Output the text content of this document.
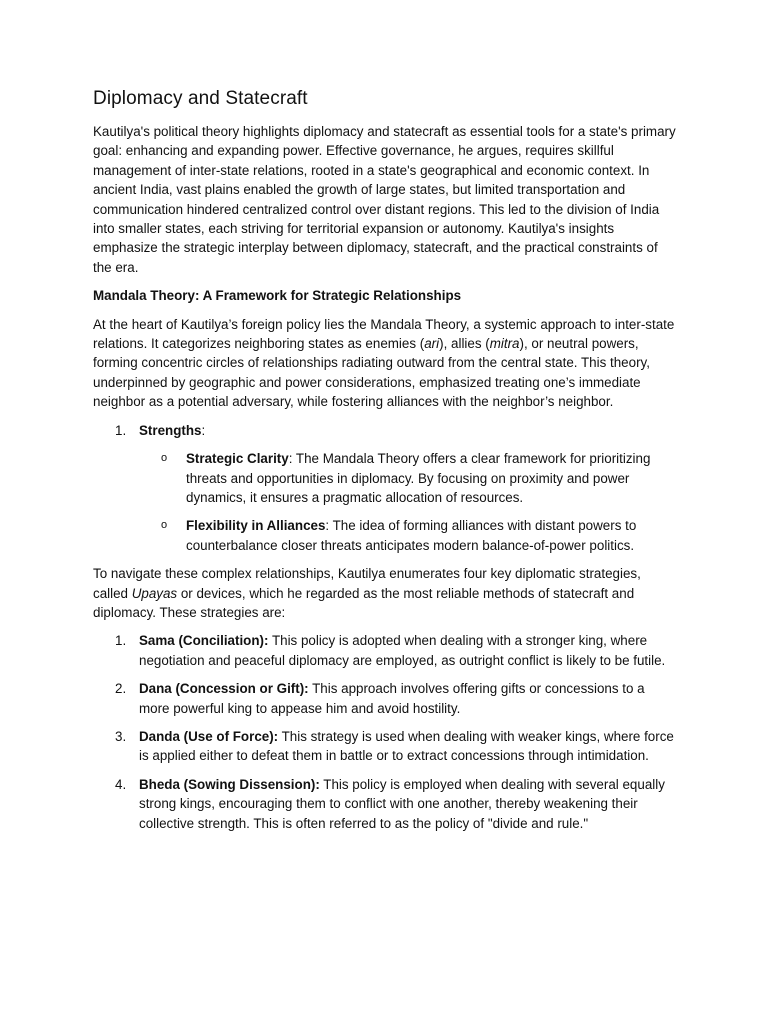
Diplomacy and Statecraft

Kautilya's political theory highlights diplomacy and statecraft as essential tools for a state's primary goal: enhancing and expanding power. Effective governance, he argues, requires skillful management of inter-state relations, rooted in a state's geographical and economic context. In ancient India, vast plains enabled the growth of large states, but limited transportation and communication hindered centralized control over distant regions. This led to the division of India into smaller states, each striving for territorial expansion or autonomy. Kautilya's insights emphasize the strategic interplay between diplomacy, statecraft, and the practical constraints of the era.

Mandala Theory: A Framework for Strategic Relationships

At the heart of Kautilya’s foreign policy lies the Mandala Theory, a systemic approach to inter-state relations. It categorizes neighboring states as enemies (ari), allies (mitra), or neutral powers, forming concentric circles of relationships radiating outward from the central state. This theory, underpinned by geographic and power considerations, emphasized treating one’s immediate neighbor as a potential adversary, while fostering alliances with the neighbor’s neighbor.

1. Strengths:
o Strategic Clarity: The Mandala Theory offers a clear framework for prioritizing threats and opportunities in diplomacy. By focusing on proximity and power dynamics, it ensures a pragmatic allocation of resources.
o Flexibility in Alliances: The idea of forming alliances with distant powers to counterbalance closer threats anticipates modern balance-of-power politics.

To navigate these complex relationships, Kautilya enumerates four key diplomatic strategies, called Upayas or devices, which he regarded as the most reliable methods of statecraft and diplomacy. These strategies are:

1. Sama (Conciliation): This policy is adopted when dealing with a stronger king, where negotiation and peaceful diplomacy are employed, as outright conflict is likely to be futile.
2. Dana (Concession or Gift): This approach involves offering gifts or concessions to a more powerful king to appease him and avoid hostility.
3. Danda (Use of Force): This strategy is used when dealing with weaker kings, where force is applied either to defeat them in battle or to extract concessions through intimidation.
4. Bheda (Sowing Dissension): This policy is employed when dealing with several equally strong kings, encouraging them to conflict with one another, thereby weakening their collective strength. This is often referred to as the policy of "divide and rule."
